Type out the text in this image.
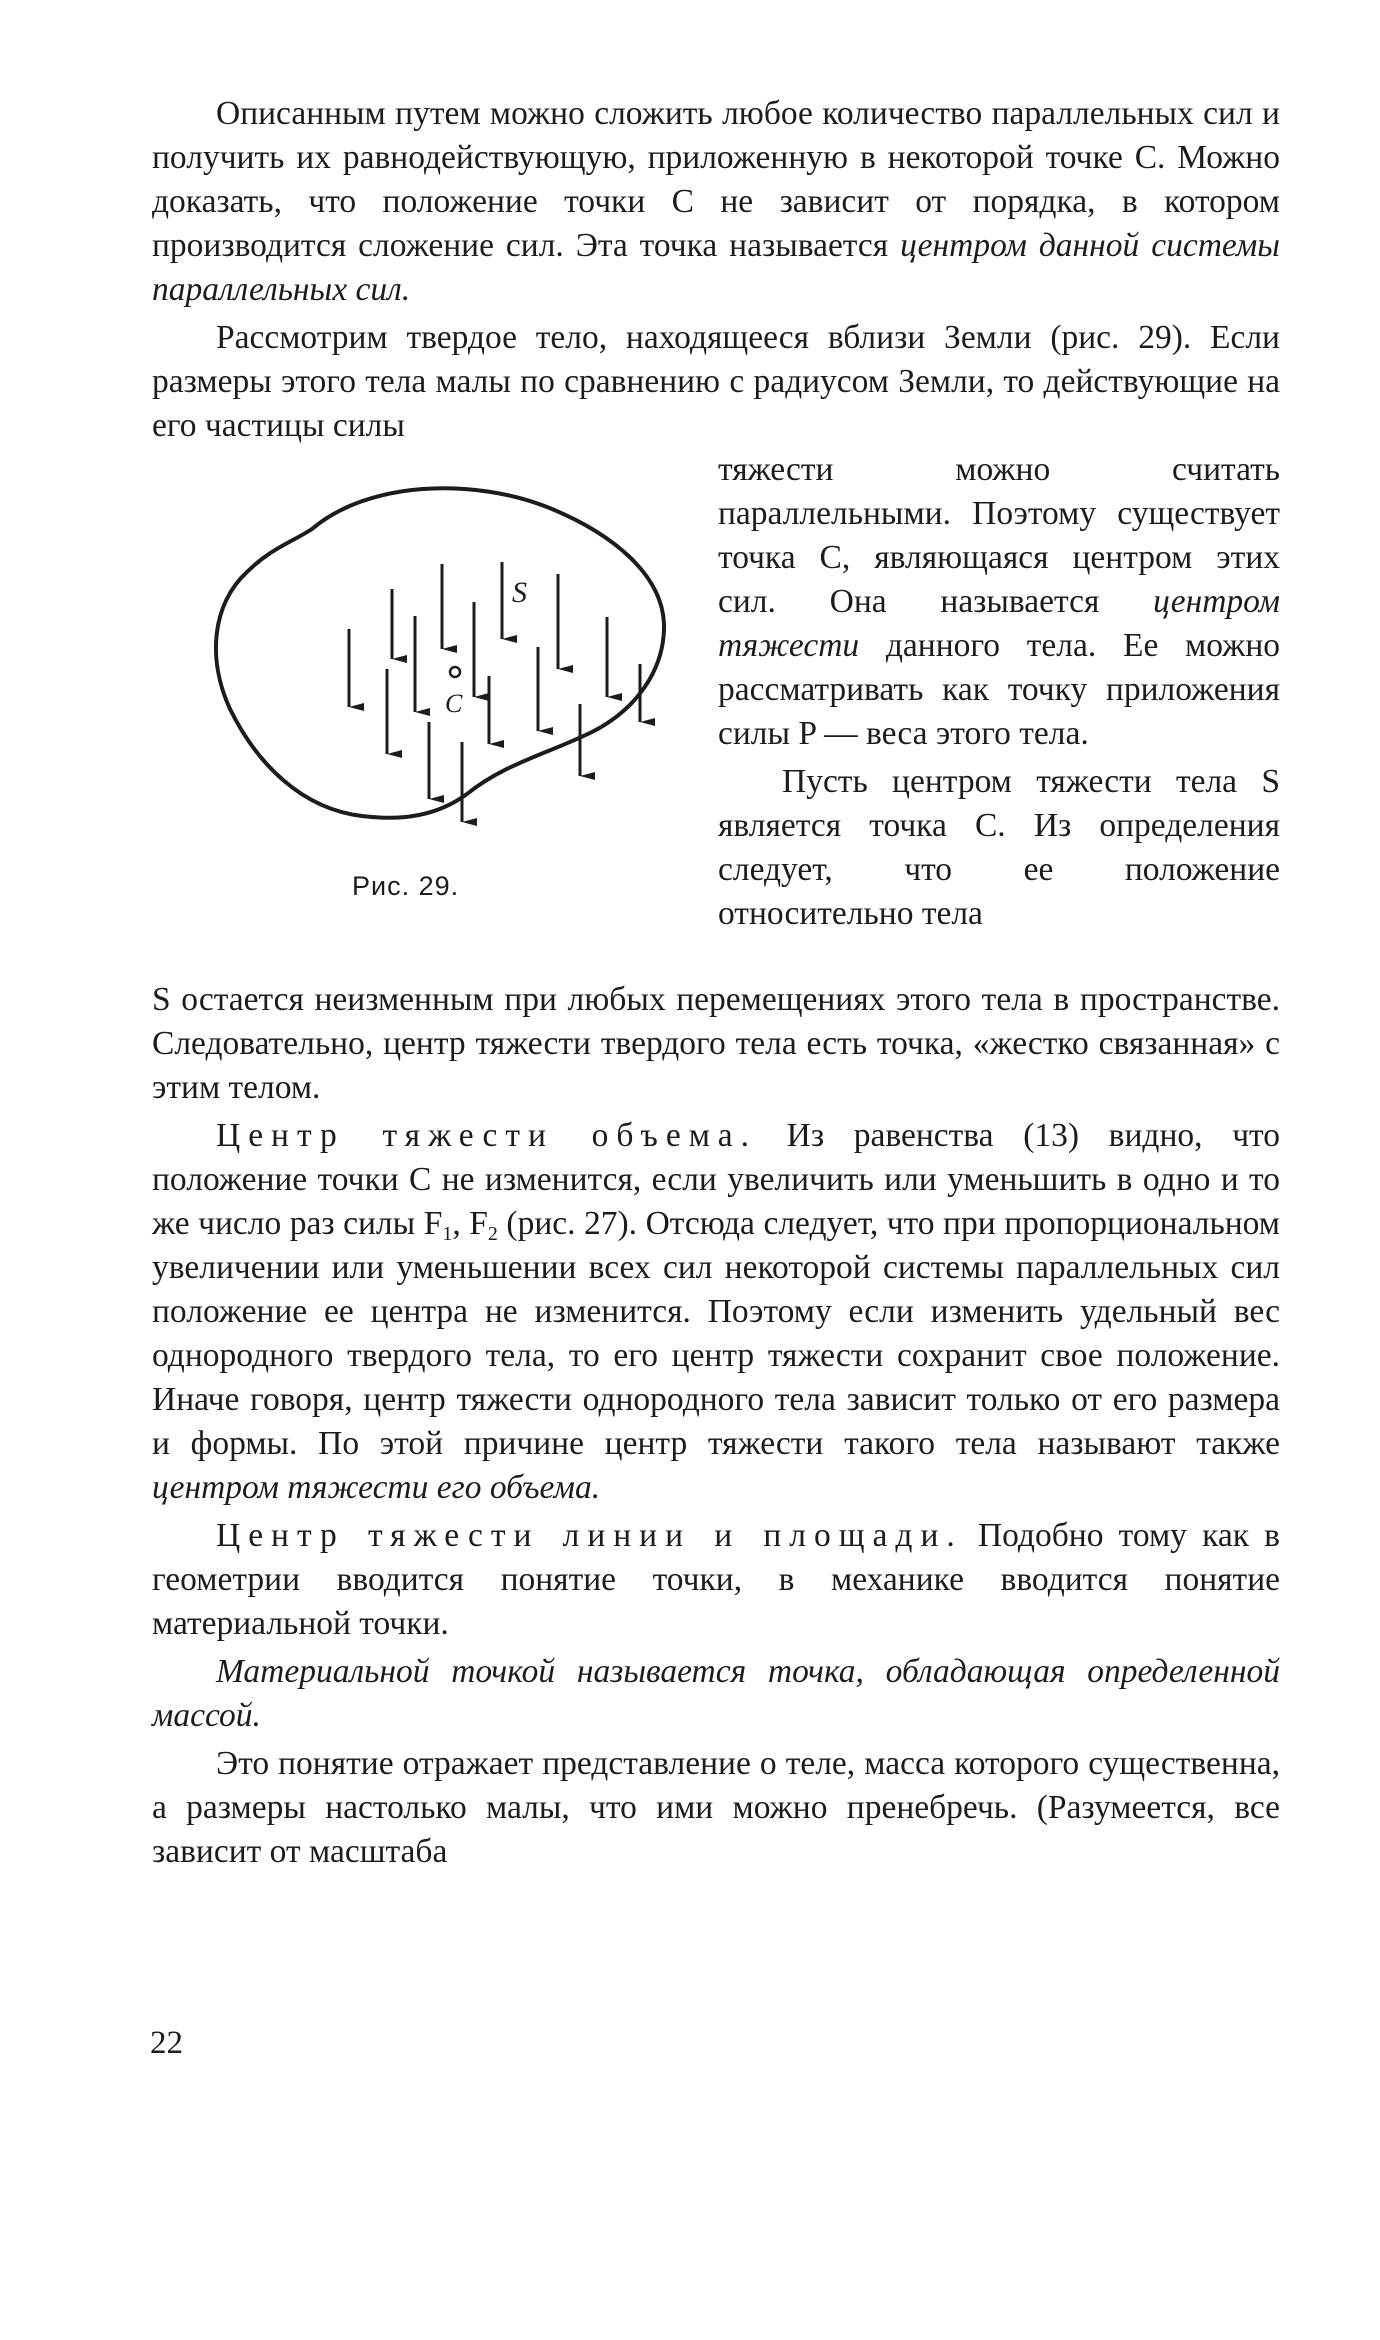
Описанным путем можно сложить любое количество параллельных сил и получить их равнодействующую, приложенную в некоторой точке C. Можно доказать, что положение точки C не зависит от порядка, в котором производится сложение сил. Эта точка называется центром данной системы параллельных сил.

Рассмотрим твердое тело, находящееся вблизи Земли (рис. 29). Если размеры этого тела малы по сравнению с радиусом Земли, то действующие на его частицы силы

S
C
Рис. 29.

тяжести можно считать параллельными. Поэтому существует точка C, являющаяся центром этих сил. Она называется центром тяжести данного тела. Ее можно рассматривать как точку приложения силы P — веса этого тела.

Пусть центром тяжести тела S является точка C. Из определения следует, что ее положение относительно тела

S остается неизменным при любых перемещениях этого тела в пространстве. Следовательно, центр тяжести твердого тела есть точка, «жестко связанная» с этим телом.

Центр тяжести объема. Из равенства (13) видно, что положение точки C не изменится, если увеличить или уменьшить в одно и то же число раз силы $F_1$, $F_2$ (рис. 27). Отсюда следует, что при пропорциональном увеличении или уменьшении всех сил некоторой системы параллельных сил положение ее центра не изменится. Поэтому если изменить удельный вес однородного твердого тела, то его центр тяжести сохранит свое положение. Иначе говоря, центр тяжести однородного тела зависит только от его размера и формы. По этой причине центр тяжести такого тела называют также центром тяжести его объема.

Центр тяжести линии и площади. Подобно тому как в геометрии вводится понятие точки, в механике вводится понятие материальной точки.

Материальной точкой называется точка, обладающая определенной массой.

Это понятие отражает представление о теле, масса которого существенна, а размеры настолько малы, что ими можно пренебречь. (Разумеется, все зависит от масштаба

22
